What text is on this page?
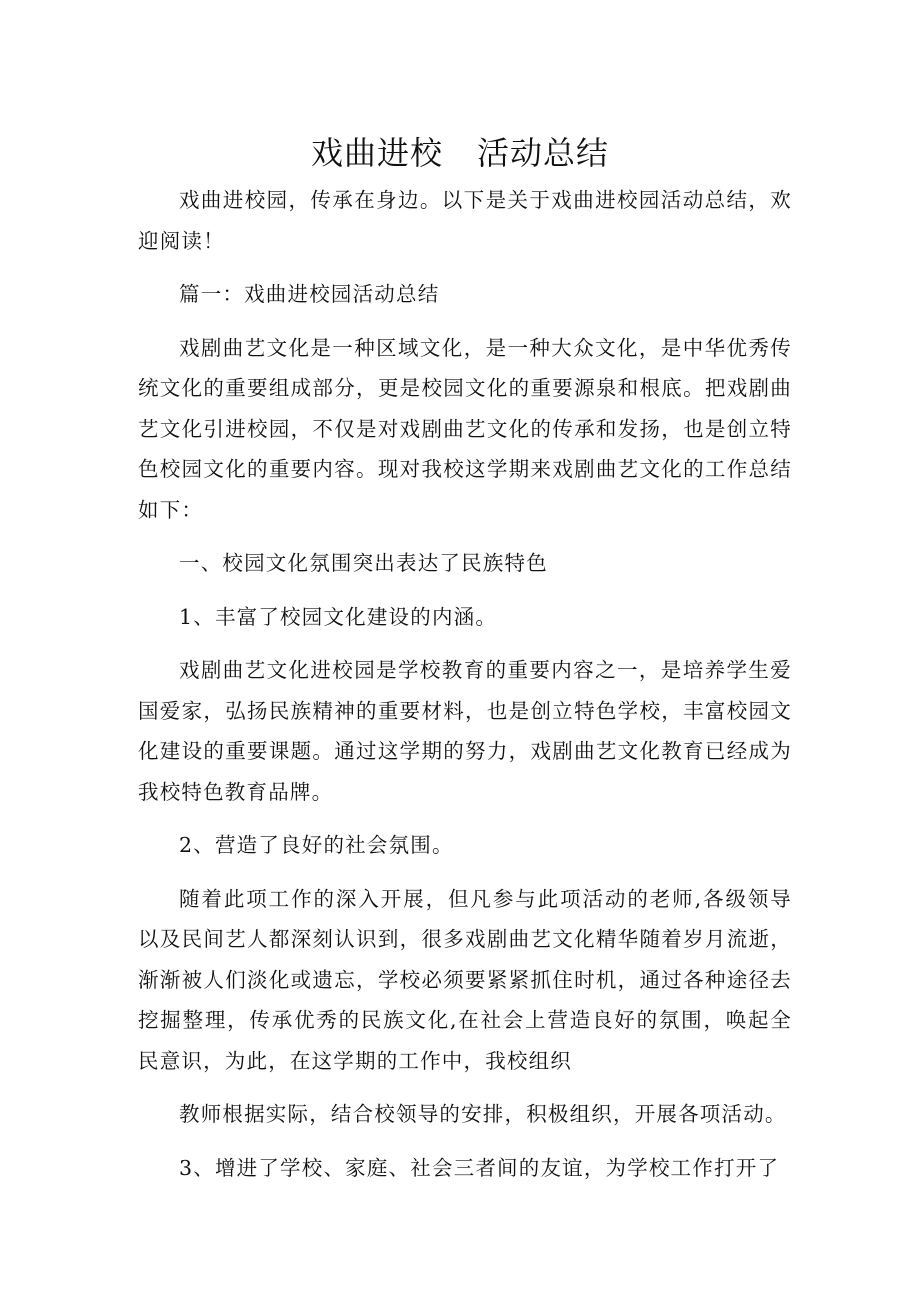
戏曲进校 活动总结

戏曲进校园，传承在身边。以下是关于戏曲进校园活动总结，欢迎阅读！

篇一：戏曲进校园活动总结

戏剧曲艺文化是一种区域文化，是一种大众文化，是中华优秀传统文化的重要组成部分，更是校园文化的重要源泉和根底。把戏剧曲艺文化引进校园，不仅是对戏剧曲艺文化的传承和发扬，也是创立特色校园文化的重要内容。现对我校这学期来戏剧曲艺文化的工作总结如下：

一、校园文化氛围突出表达了民族特色

1、丰富了校园文化建设的内涵。

戏剧曲艺文化进校园是学校教育的重要内容之一，是培养学生爱国爱家，弘扬民族精神的重要材料，也是创立特色学校，丰富校园文化建设的重要课题。通过这学期的努力，戏剧曲艺文化教育已经成为我校特色教育品牌。

2、营造了良好的社会氛围。

随着此项工作的深入开展，但凡参与此项活动的老师,各级领导以及民间艺人都深刻认识到，很多戏剧曲艺文化精华随着岁月流逝，渐渐被人们淡化或遗忘，学校必须要紧紧抓住时机，通过各种途径去挖掘整理，传承优秀的民族文化,在社会上营造良好的氛围，唤起全民意识，为此，在这学期的工作中，我校组织

教师根据实际，结合校领导的安排，积极组织，开展各项活动。

3、增进了学校、家庭、社会三者间的友谊，为学校工作打开了
